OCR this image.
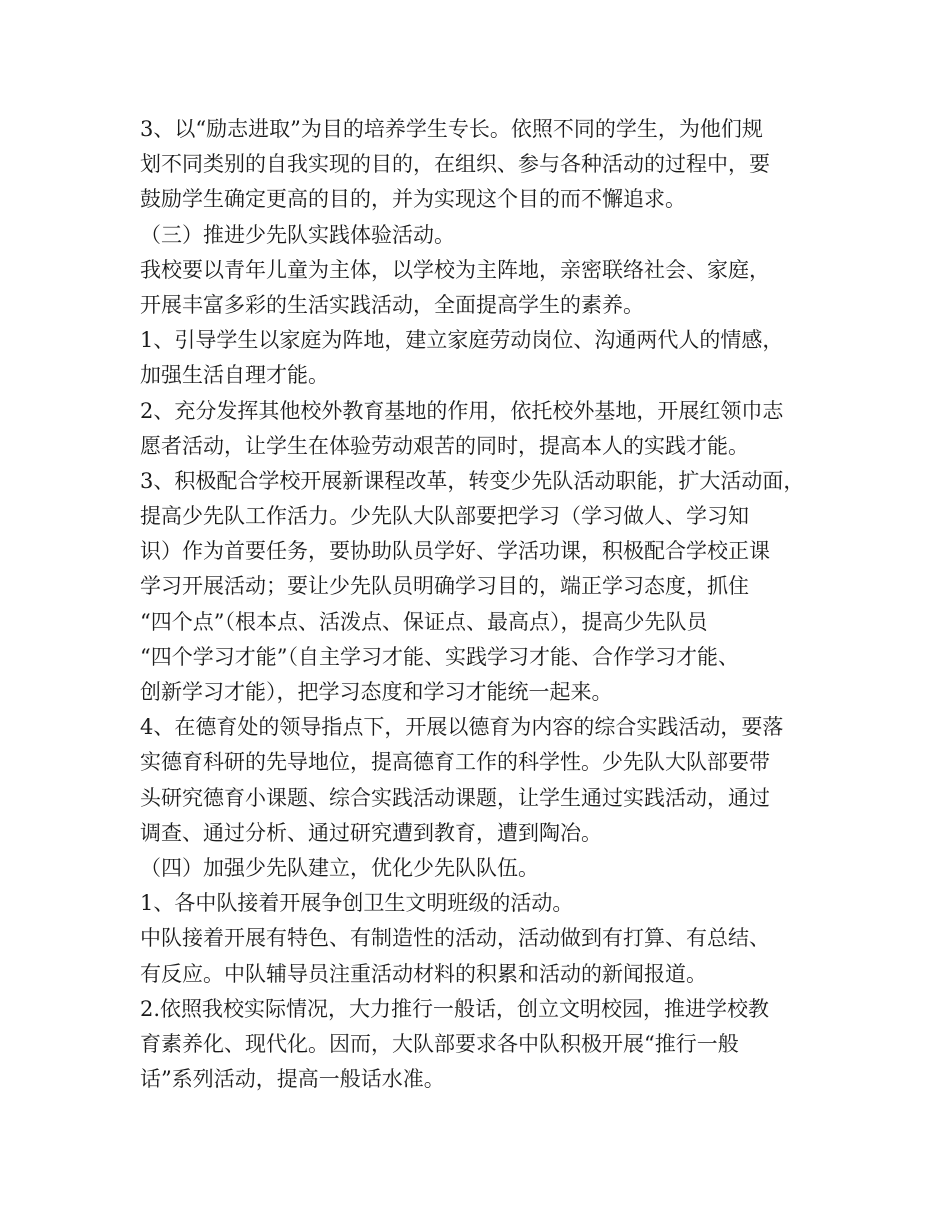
3、以“励志进取”为目的培养学生专长。依照不同的学生，为他们规
划不同类别的自我实现的目的，在组织、参与各种活动的过程中，要
鼓励学生确定更高的目的，并为实现这个目的而不懈追求。
（三）推进少先队实践体验活动。
我校要以青年儿童为主体，以学校为主阵地，亲密联络社会、家庭，
开展丰富多彩的生活实践活动，全面提高学生的素养。
1、引导学生以家庭为阵地，建立家庭劳动岗位、沟通两代人的情感，
加强生活自理才能。
2、充分发挥其他校外教育基地的作用，依托校外基地，开展红领巾志
愿者活动，让学生在体验劳动艰苦的同时，提高本人的实践才能。
3、积极配合学校开展新课程改革，转变少先队活动职能，扩大活动面，
提高少先队工作活力。少先队大队部要把学习（学习做人、学习知
识）作为首要任务，要协助队员学好、学活功课，积极配合学校正课
学习开展活动；要让少先队员明确学习目的，端正学习态度，抓住
“四个点”（根本点、活泼点、保证点、最高点），提高少先队员
“四个学习才能”（自主学习才能、实践学习才能、合作学习才能、
创新学习才能），把学习态度和学习才能统一起来。
4、在德育处的领导指点下，开展以德育为内容的综合实践活动，要落
实德育科研的先导地位，提高德育工作的科学性。少先队大队部要带
头研究德育小课题、综合实践活动课题，让学生通过实践活动，通过
调查、通过分析、通过研究遭到教育，遭到陶冶。
（四）加强少先队建立，优化少先队队伍。
1、各中队接着开展争创卫生文明班级的活动。
中队接着开展有特色、有制造性的活动，活动做到有打算、有总结、
有反应。中队辅导员注重活动材料的积累和活动的新闻报道。
2.依照我校实际情况，大力推行一般话，创立文明校园，推进学校教
育素养化、现代化。因而，大队部要求各中队积极开展“推行一般
话”系列活动，提高一般话水准。
